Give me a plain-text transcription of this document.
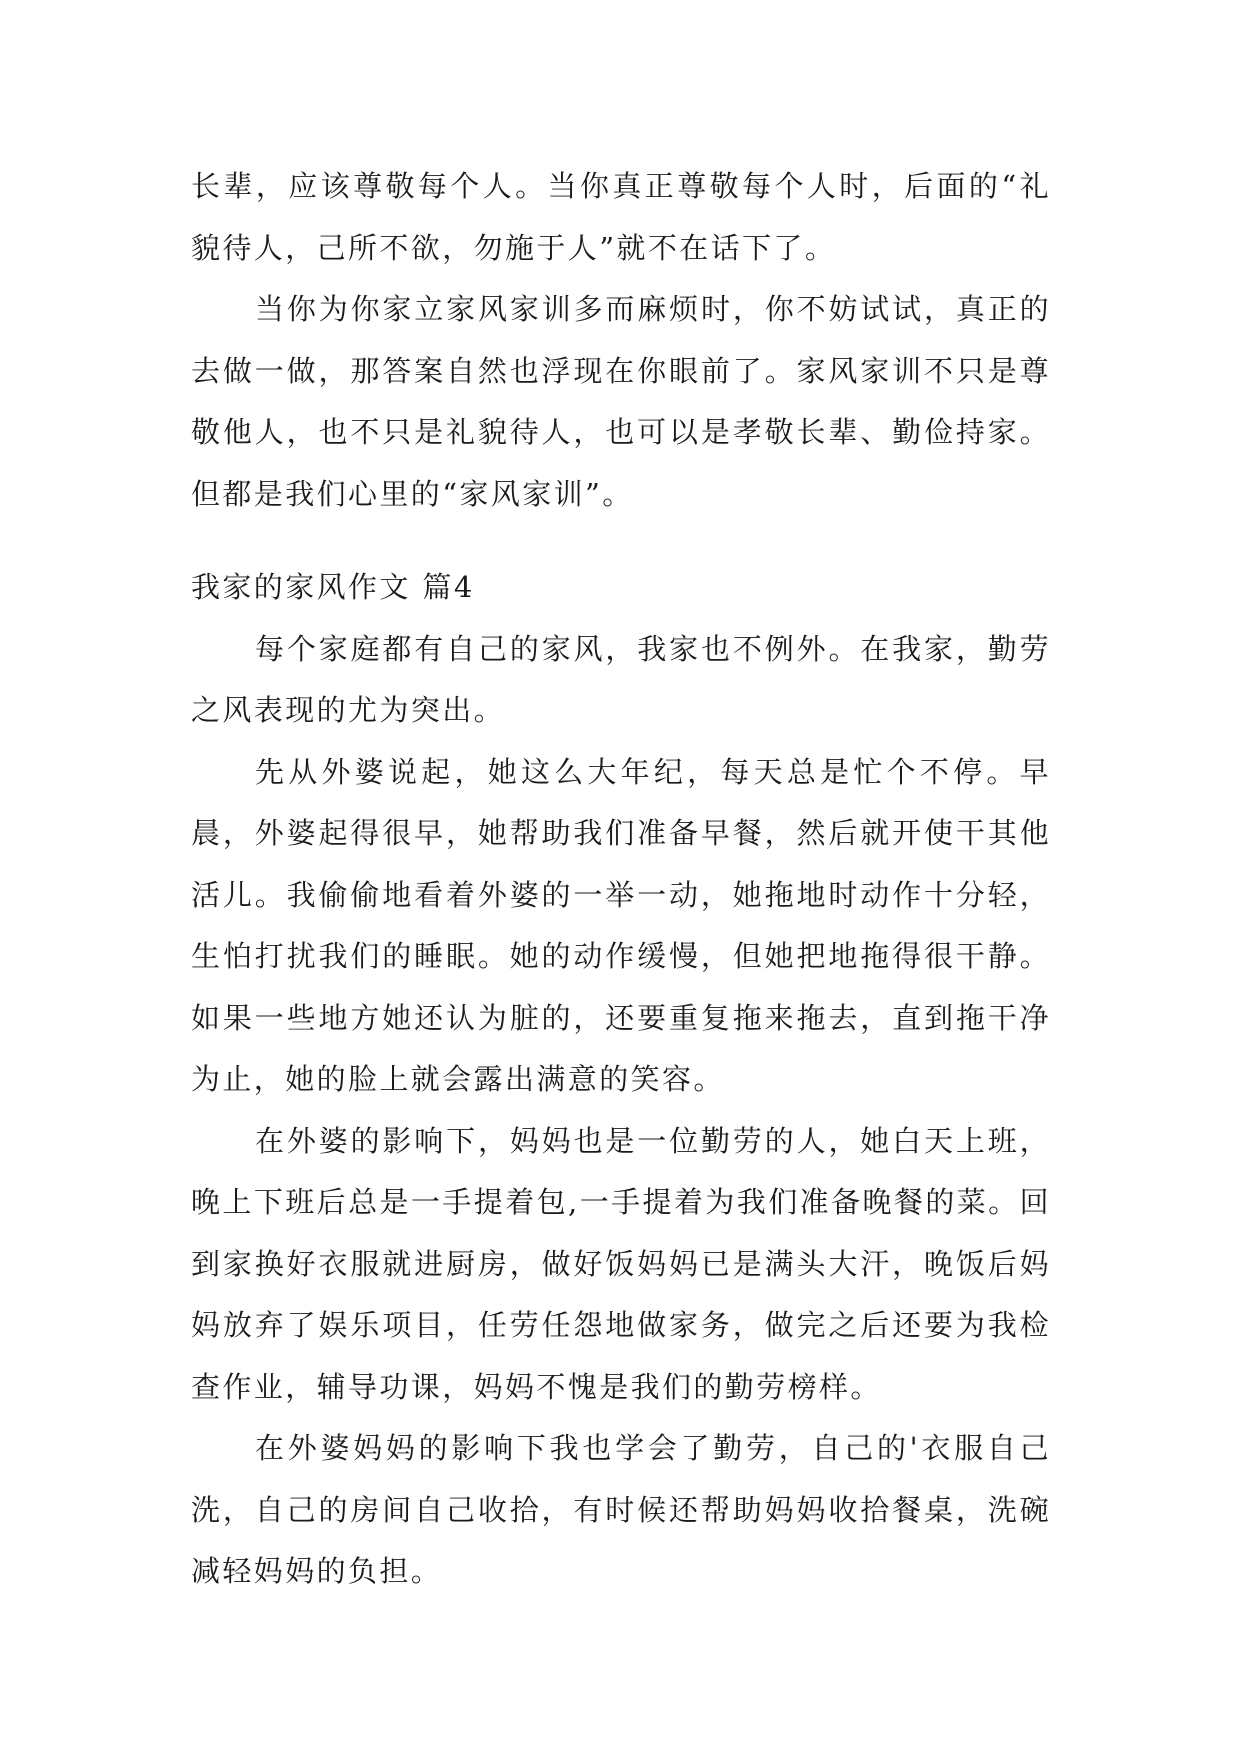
长辈，应该尊敬每个人。当你真正尊敬每个人时，后面的“礼貌待人，己所不欲，勿施于人”就不在话下了。

当你为你家立家风家训多而麻烦时，你不妨试试，真正的去做一做，那答案自然也浮现在你眼前了。家风家训不只是尊敬他人，也不只是礼貌待人，也可以是孝敬长辈、勤俭持家。但都是我们心里的“家风家训”。

我家的家风作文 篇4

每个家庭都有自己的家风，我家也不例外。在我家，勤劳之风表现的尤为突出。

先从外婆说起，她这么大年纪，每天总是忙个不停。早晨，外婆起得很早，她帮助我们准备早餐，然后就开使干其他活儿。我偷偷地看着外婆的一举一动，她拖地时动作十分轻，生怕打扰我们的睡眠。她的动作缓慢，但她把地拖得很干静。如果一些地方她还认为脏的，还要重复拖来拖去，直到拖干净为止，她的脸上就会露出满意的笑容。

在外婆的影响下，妈妈也是一位勤劳的人，她白天上班，晚上下班后总是一手提着包,一手提着为我们准备晚餐的菜。回到家换好衣服就进厨房，做好饭妈妈已是满头大汗，晚饭后妈妈放弃了娱乐项目，任劳任怨地做家务，做完之后还要为我检查作业，辅导功课，妈妈不愧是我们的勤劳榜样。

在外婆妈妈的影响下我也学会了勤劳，自己的'衣服自己洗，自己的房间自己收拾，有时候还帮助妈妈收拾餐桌，洗碗减轻妈妈的负担。
